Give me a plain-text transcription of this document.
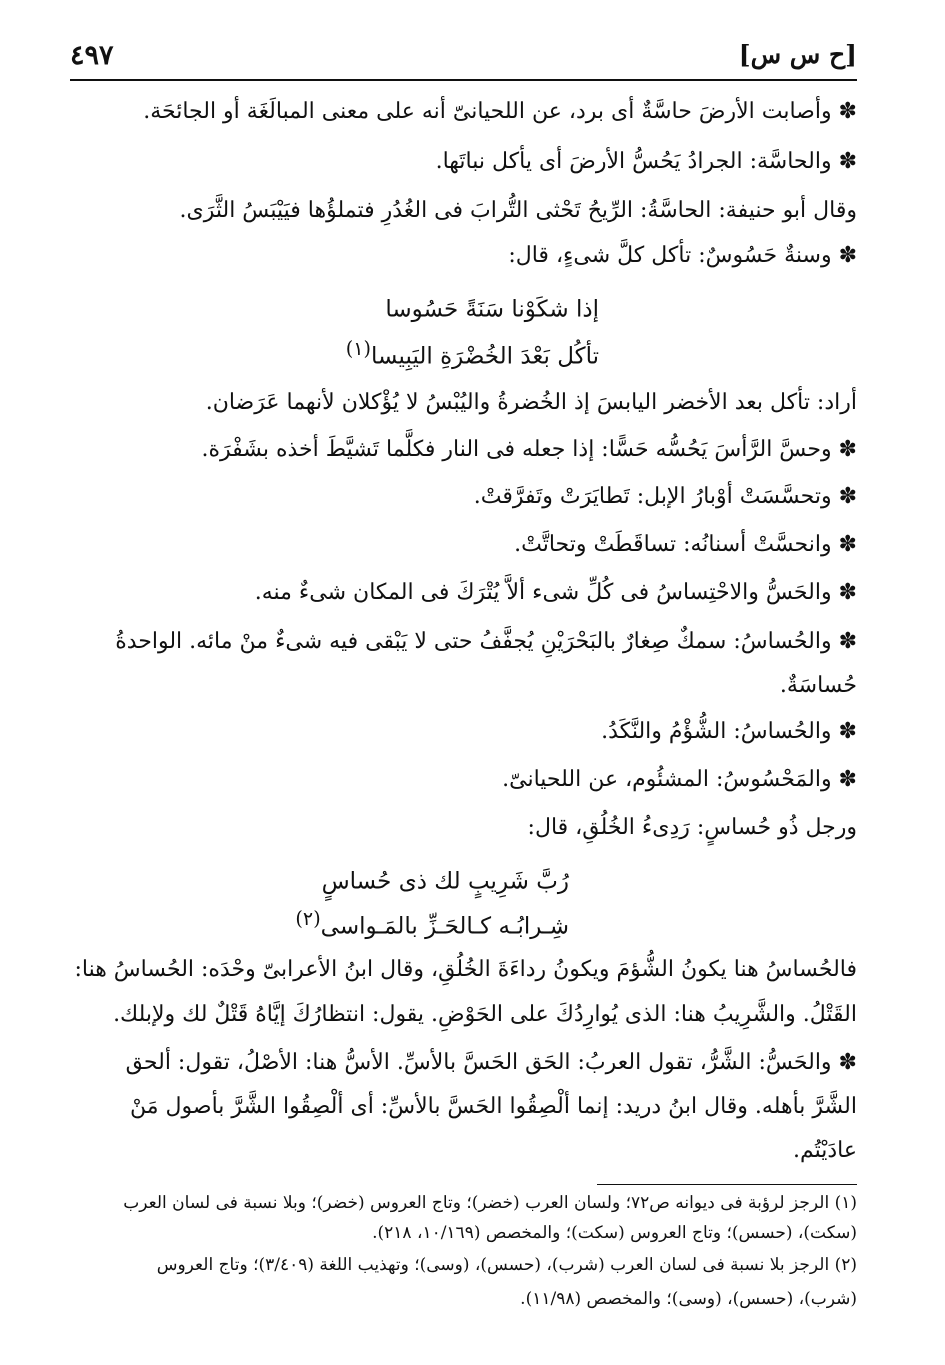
[ح س س]
٤٩٧
✽ وأصابت الأرضَ حاسَّةٌ أى برد، عن اللحيانىّ أنه على معنى المبالَغَة أو الجائحَة.
✽ والحاسَّة: الجرادُ يَحُسُّ الأرضَ أى يأكل نباتَها.
وقال أبو حنيفة: الحاسَّةُ: الرِّيحُ تَحْثى التُّرابَ فى الغُدُرِ فتملؤُها فيَيْبَسُ الثَّرَى.
✽ وسنةٌ حَسُوسٌ: تأكل كلَّ شىءٍ، قال:
إذا شكَوْنا سَنَةً حَسُوسا
تأكُل بَعْدَ الخُضْرَةِ اليَبِيسا$^{(١)}$
أراد: تأكل بعد الأخضر اليابسَ إذ الخُضرةُ واليُبْسُ لا يُؤْكلان لأنهما عَرَضان.
✽ وحسَّ الرَّأسَ يَحُسُّه حَسًّا: إذا جعله فى النار فكلَّما تَشيَّطَ أخذه بشَفْرَة.
✽ وتحسَّسَتْ أوْبارُ الإبل: تَطايَرَتْ وتَفرَّقتْ.
✽ وانحسَّتْ أسنانُه: تساقَطَتْ وتحاتَّتْ.
✽ والحَسُّ والاحْتِساسُ فى كُلِّ شىء ألاَّ يُتْرَكَ فى المكان شىءٌ منه.
✽ والحُساسُ: سمكٌ صِغارٌ بالبَحْرَيْنِ يُجفَّفُ حتى لا يَبْقى فيه شىءٌ منْ مائه. الواحدةُ
حُساسَةٌ.
✽ والحُساسُ: الشُّؤْمُ والنَّكَدُ.
✽ والمَحْسُوسُ: المشئُوم، عن اللحيانىّ.
ورجل ذُو حُساسٍ: رَدِىءُ الخُلُقِ، قال:
رُبَّ شَرِيبٍ لك ذى حُساسٍ
شِـرابُـه كـالحَـزِّ بالمَـواسى$^{(٢)}$
فالحُساسُ هنا يكونُ الشُّؤمَ ويكونُ رداءَةَ الخُلُقِ، وقال ابنُ الأعرابىّ وحْدَه: الحُساسُ هنا:
القَتْلُ. والشَّرِيبُ هنا: الذى يُوارِدُكَ على الحَوْضِ. يقول: انتظارُكَ إيَّاهُ قَتْلٌ لك ولإبلك.
✽ والحَسُّ: الشَّرُّ، تقول العربُ: الحَق الحَسَّ بالأسِّ. الأسُّ هنا: الأصْلُ، تقول: ألحق
الشَّرَّ بأهله. وقال ابنُ دريد: إنما ألْصِقُوا الحَسَّ بالأسِّ: أى ألْصِقُوا الشَّرَّ بأصول مَنْ
عادَيْتُم.
(١) الرجز لرؤبة فى ديوانه ص٧٢؛ ولسان العرب (خضر)؛ وتاج العروس (خضر)؛ وبلا نسبة فى لسان العرب
(سكت)، (حسس)؛ وتاج العروس (سكت)؛ والمخصص (١٠/١٦٩، ٢١٨).
(٢) الرجز بلا نسبة فى لسان العرب (شرب)، (حسس)، (وسى)؛ وتهذيب اللغة (٣/٤٠٩)؛ وتاج العروس
(شرب)، (حسس)، (وسى)؛ والمخصص (١١/٩٨).
